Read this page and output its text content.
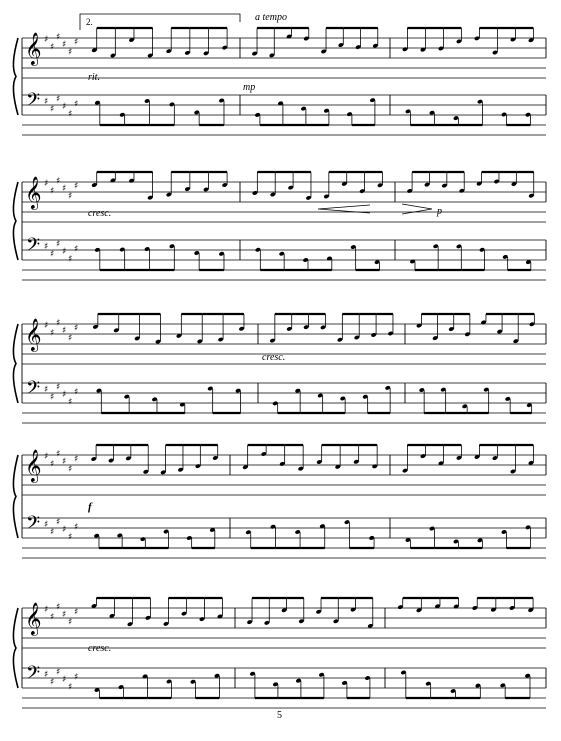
𝄞
𝄢
♯
♯
♯
♯
♯
♯
♯
♯
♯
♯
♯
♯
𝄞
𝄢
♯
♯
♯
♯
♯
♯
♯
♯
♯
♯
♯
♯
𝄞
𝄢
♯
♯
♯
♯
♯
♯
♯
♯
♯
♯
♯
♯
𝄞
𝄢
♯
♯
♯
♯
♯
♯
♯
♯
♯
♯
♯
♯
𝄞
𝄢
♯
♯
♯
♯
♯
♯
♯
♯
♯
♯
♯
♯
2.	a tempo
rit.
mp
cresc.	p
cresc.
f
cresc.
5
